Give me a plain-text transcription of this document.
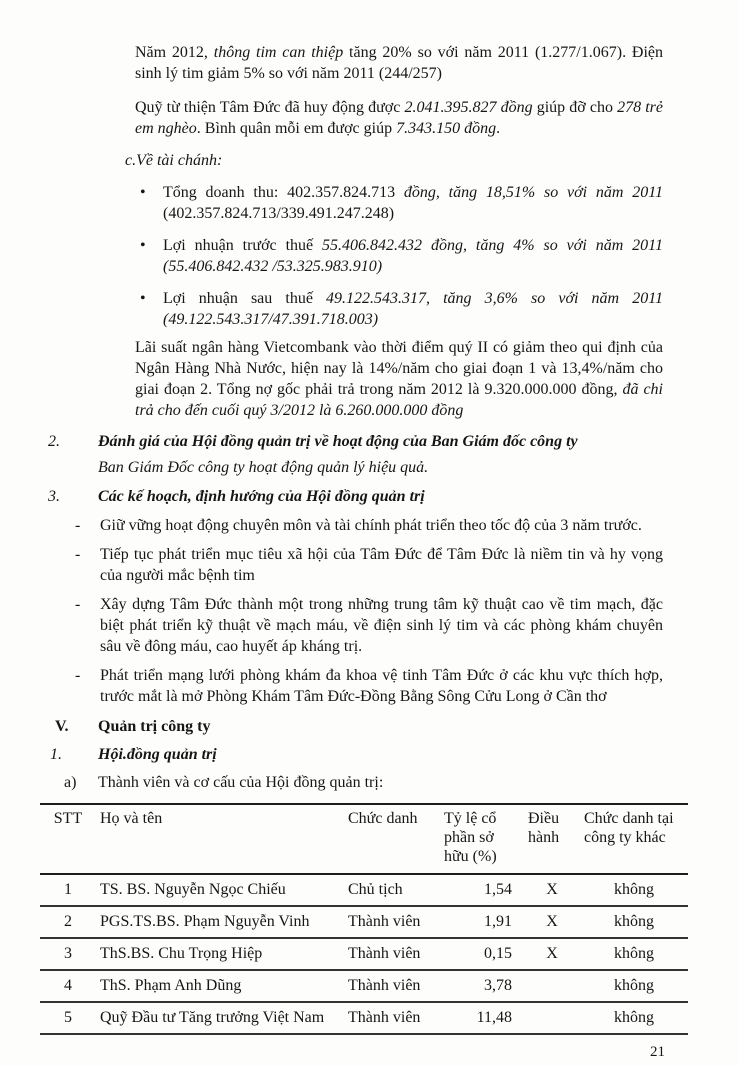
Năm 2012, thông tim can thiệp tăng 20% so với năm 2011 (1.277/1.067). Điện sinh lý tim giảm 5% so với năm 2011 (244/257)

Quỹ từ thiện Tâm Đức đã huy động được 2.041.395.827 đồng giúp đỡ cho 278 trẻ em nghèo. Bình quân mỗi em được giúp 7.343.150 đồng.

c.Về tài chánh:

•	Tổng doanh thu: 402.357.824.713 đồng, tăng 18,51% so với năm 2011 (402.357.824.713/339.491.247.248)
•	Lợi nhuận trước thuế 55.406.842.432 đồng, tăng 4% so với năm 2011 (55.406.842.432 /53.325.983.910)
•	Lợi nhuận sau thuế 49.122.543.317, tăng 3,6% so với năm 2011 (49.122.543.317/47.391.718.003)

Lãi suất ngân hàng Vietcombank vào thời điểm quý II có giảm theo qui định của Ngân Hàng Nhà Nước, hiện nay là 14%/năm cho giai đoạn 1 và 13,4%/năm cho giai đoạn 2. Tổng nợ gốc phải trả trong năm 2012 là 9.320.000.000 đồng, đã chi trả cho đến cuối quý 3/2012 là 6.260.000.000 đồng

2.	Đánh giá của Hội đồng quản trị về hoạt động của Ban Giám đốc công ty

Ban Giám Đốc công ty hoạt động quản lý hiệu quả.

3.	Các kế hoạch, định hướng của Hội đồng quản trị
-	Giữ vững hoạt động chuyên môn và tài chính phát triển theo tốc độ của 3 năm trước.
-	Tiếp tục phát triển mục tiêu xã hội của Tâm Đức để Tâm Đức là niềm tin và hy vọng của người mắc bệnh tim
-	Xây dựng Tâm Đức thành một trong những trung tâm kỹ thuật cao về tim mạch, đặc biệt phát triển kỹ thuật về mạch máu, về điện sinh lý tim và các phòng khám chuyên sâu về đông máu, cao huyết áp kháng trị.
-	Phát triển mạng lưới phòng khám đa khoa vệ tinh Tâm Đức ở các khu vực thích hợp, trước mắt là mở Phòng Khám Tâm Đức-Đồng Bằng Sông Cửu Long ở Cần thơ
V.	Quản trị công ty
1.	Hội.đồng quản trị
a)	Thành viên và cơ cấu của Hội đồng quản trị:
STT	Họ và tên	Chức danh	Tỷ lệ cổ phần sở hữu (%)	Điều hành	Chức danh tại công ty khác
1	TS. BS. Nguyễn Ngọc Chiếu	Chủ tịch	1,54	X	không
2	PGS.TS.BS. Phạm Nguyễn Vinh	Thành viên	1,91	X	không
3	ThS.BS. Chu Trọng Hiệp	Thành viên	0,15	X	không
4	ThS. Phạm Anh Dũng	Thành viên	3,78		không
5	Quỹ Đầu tư Tăng trưởng Việt Nam	Thành viên	11,48		không
21
